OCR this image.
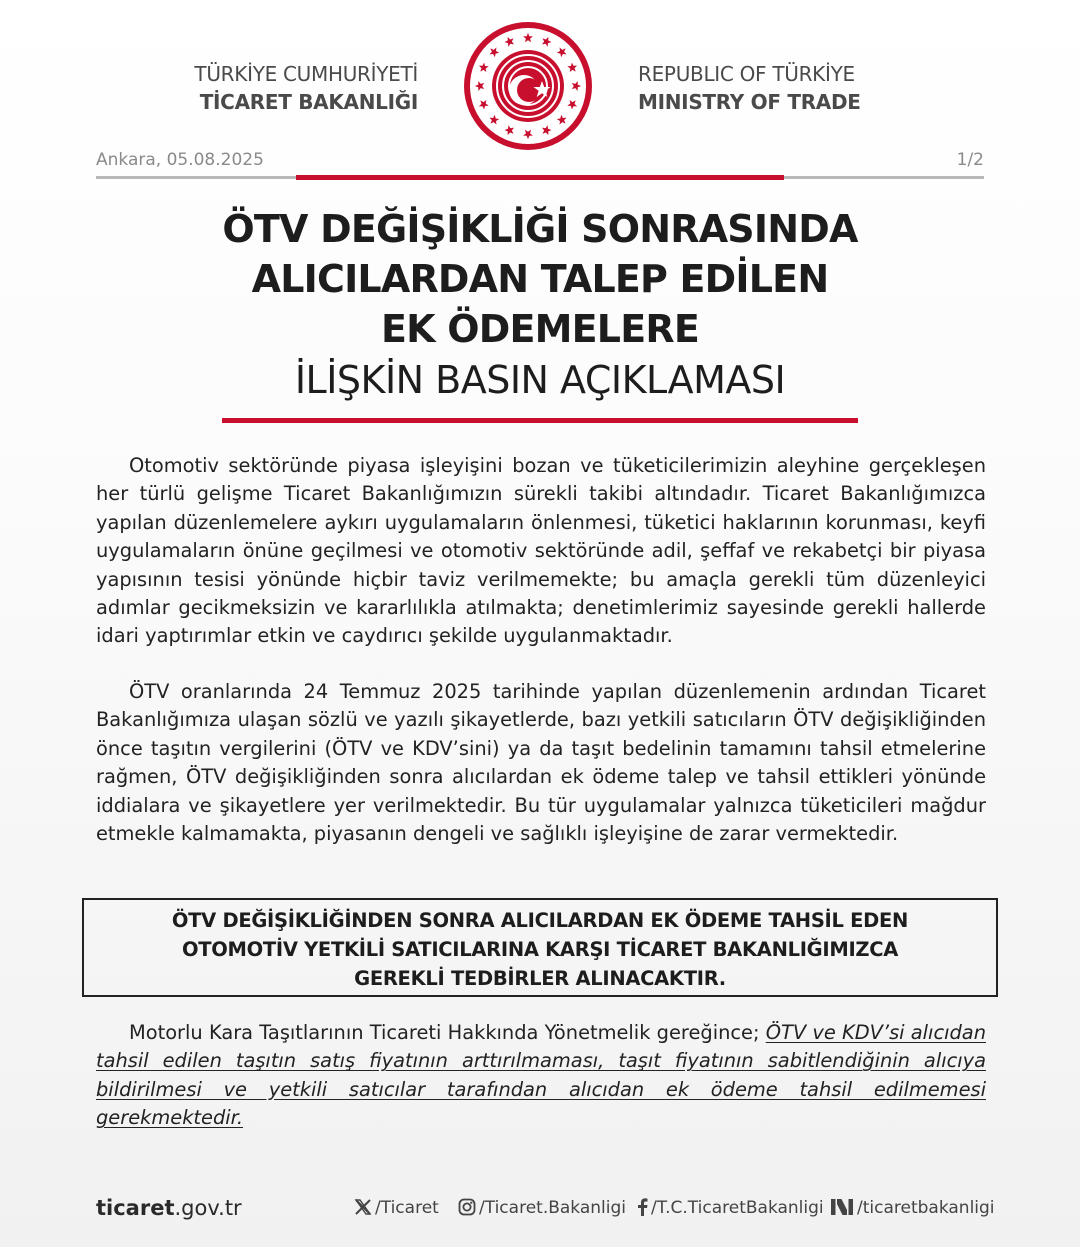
TÜRKİYE CUMHURİYETİ
TİCARET BAKANLIĞI
REPUBLIC OF TÜRKİYE
MINISTRY OF TRADE
Ankara, 05.08.2025	1/2
ÖTV DEĞİŞİKLİĞİ SONRASINDA
ALICILARDAN TALEP EDİLEN
EK ÖDEMELERE
İLİŞKİN BASIN AÇIKLAMASI
Otomotiv sektöründe piyasa işleyişini bozan ve tüketicilerimizin aleyhine gerçekleşen her türlü gelişme Ticaret Bakanlığımızın sürekli takibi altındadır. Ticaret Bakanlığımızca yapılan düzenlemelere aykırı uygulamaların önlenmesi, tüketici haklarının korunması, keyfi uygulamaların önüne geçilmesi ve otomotiv sektöründe adil, şeffaf ve rekabetçi bir piyasa yapısının tesisi yönünde hiçbir taviz verilmemekte; bu amaçla gerekli tüm düzenleyici adımlar gecikmeksizin ve kararlılıkla atılmakta; denetimlerimiz sayesinde gerekli hallerde idari yaptırımlar etkin ve caydırıcı şekilde uygulanmaktadır.
ÖTV oranlarında 24 Temmuz 2025 tarihinde yapılan düzenlemenin ardından Ticaret Bakanlığımıza ulaşan sözlü ve yazılı şikayetlerde, bazı yetkili satıcıların ÖTV değişikliğinden önce taşıtın vergilerini (ÖTV ve KDV’sini) ya da taşıt bedelinin tamamını tahsil etmelerine rağmen, ÖTV değişikliğinden sonra alıcılardan ek ödeme talep ve tahsil ettikleri yönünde iddialara ve şikayetlere yer verilmektedir. Bu tür uygulamalar yalnızca tüketicileri mağdur etmekle kalmamakta, piyasanın dengeli ve sağlıklı işleyişine de zarar vermektedir.
ÖTV DEĞİŞİKLİĞİNDEN SONRA ALICILARDAN EK ÖDEME TAHSİL EDEN
OTOMOTİV YETKİLİ SATICILARINA KARŞI TİCARET BAKANLIĞIMIZCA
GEREKLİ TEDBİRLER ALINACAKTIR.
Motorlu Kara Taşıtlarının Ticareti Hakkında Yönetmelik gereğince; ÖTV ve KDV’si alıcıdan tahsil edilen taşıtın satış fiyatının arttırılmaması, taşıt fiyatının sabitlendiğinin alıcıya bildirilmesi ve yetkili satıcılar tarafından alıcıdan ek ödeme tahsil edilmemesi gerekmektedir.
ticaret.gov.tr	/Ticaret	/Ticaret.Bakanligi	/T.C.TicaretBakanligi	/ticaretbakanligi
